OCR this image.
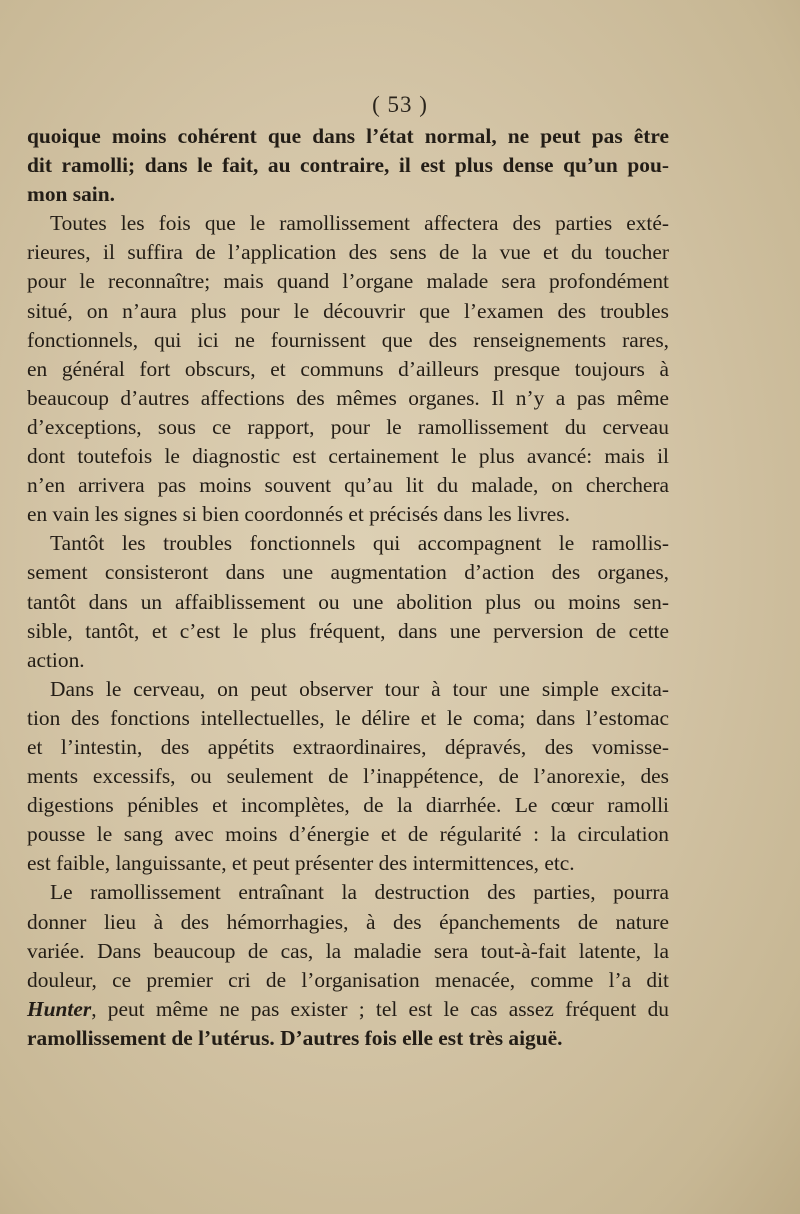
( 53 )
quoique moins cohérent que dans l’état normal, ne peut pas être
dit ramolli; dans le fait, au contraire, il est plus dense qu’un pou-
mon sain.
Toutes les fois que le ramollissement affectera des parties exté-
rieures, il suffira de l’application des sens de la vue et du toucher
pour le reconnaître; mais quand l’organe malade sera profondément
situé, on n’aura plus pour le découvrir que l’examen des troubles
fonctionnels, qui ici ne fournissent que des renseignements rares,
en général fort obscurs, et communs d’ailleurs presque toujours à
beaucoup d’autres affections des mêmes organes. Il n’y a pas même
d’exceptions, sous ce rapport, pour le ramollissement du cerveau
dont toutefois le diagnostic est certainement le plus avancé: mais il
n’en arrivera pas moins souvent qu’au lit du malade, on cherchera
en vain les signes si bien coordonnés et précisés dans les livres.
Tantôt les troubles fonctionnels qui accompagnent le ramollis-
sement consisteront dans une augmentation d’action des organes,
tantôt dans un affaiblissement ou une abolition plus ou moins sen-
sible, tantôt, et c’est le plus fréquent, dans une perversion de cette
action.
Dans le cerveau, on peut observer tour à tour une simple excita-
tion des fonctions intellectuelles, le délire et le coma; dans l’estomac
et l’intestin, des appétits extraordinaires, dépravés, des vomisse-
ments excessifs, ou seulement de l’inappétence, de l’anorexie, des
digestions pénibles et incomplètes, de la diarrhée. Le cœur ramolli
pousse le sang avec moins d’énergie et de régularité : la circulation
est faible, languissante, et peut présenter des intermittences, etc.
Le ramollissement entraînant la destruction des parties, pourra
donner lieu à des hémorrhagies, à des épanchements de nature
variée. Dans beaucoup de cas, la maladie sera tout-à-fait latente, la
douleur, ce premier cri de l’organisation menacée, comme l’a dit
Hunter, peut même ne pas exister ; tel est le cas assez fréquent du
ramollissement de l’utérus. D’autres fois elle est très aiguë.
